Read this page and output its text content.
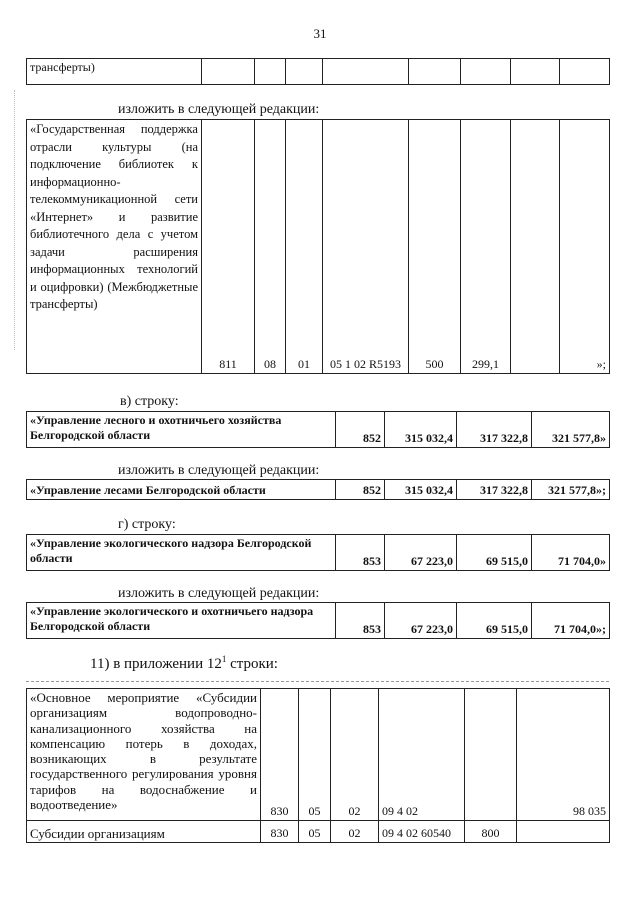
31
трансферты)								
изложить в следующей редакции:
«Государственная поддержка отрасли культуры (на подключение библиотек к информационно-телекоммуникационной сети «Интернет» и развитие библиотечного дела с учетом задачи расширения информационных технологий и оцифровки) (Межбюджетные трансферты)	811	08	01	05 1 02 R5193	500	299,1		»;
в) строку:
«Управление лесного и охотничьего хозяйства Белгородской области	852	315 032,4	317 322,8	321 577,8»
изложить в следующей редакции:
«Управление лесами Белгородской области	852	315 032,4	317 322,8	321 577,8»;
г) строку:
«Управление экологического надзора Белгородской области	853	67 223,0	69 515,0	71 704,0»
изложить в следующей редакции:
«Управление экологического и охотничьего надзора Белгородской области	853	67 223,0	69 515,0	71 704,0»;
11) в приложении $12^1$ строки:
«Основное мероприятие «Субсидии организациям водопроводно-канализационного хозяйства на компенсацию потерь в доходах, возникающих в результате государственного регулирования уровня тарифов на водоснабжение и водоотведение»	830	05	02	09 4 02		98 035
Субсидии организациям	830	05	02	09 4 02 60540	800	
